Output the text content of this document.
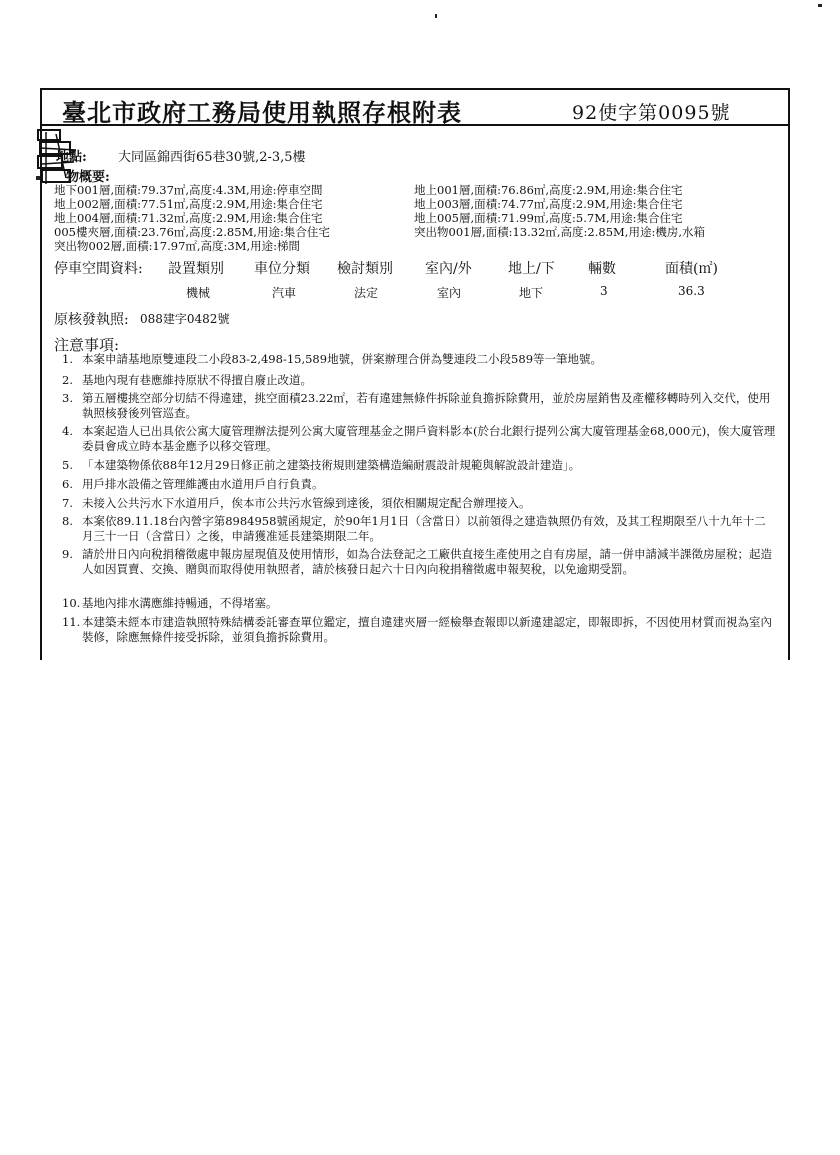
臺北市政府工務局使用執照存根附表	92使字第0095號
地點: 大同區錦西街65巷30號,2-3,5樓
物概要:
地下001層,面積:79.37㎡,高度:4.3M,用途:停車空間
地上002層,面積:77.51㎡,高度:2.9M,用途:集合住宅
地上004層,面積:71.32㎡,高度:2.9M,用途:集合住宅
005樓夾層,面積:23.76㎡,高度:2.85M,用途:集合住宅
突出物002層,面積:17.97㎡,高度:3M,用途:梯間
地上001層,面積:76.86㎡,高度:2.9M,用途:集合住宅
地上003層,面積:74.77㎡,高度:2.9M,用途:集合住宅
地上005層,面積:71.99㎡,高度:5.7M,用途:集合住宅
突出物001層,面積:13.32㎡,高度:2.85M,用途:機房,水箱
停車空間資料: 設置類別 車位分類 檢討類別 室內/外	地上/下 輛數	面積(㎡)
機械	汽車	法定	室內	地下	3	36.3
原核發執照: 088建字0482號
注意事項:
1. 本案申請基地原雙連段二小段83-2,498-15,589地號，併案辦理合併為雙連段二小段589等一筆地號。
2. 基地內現有巷應維持原狀不得擅自廢止改道。
3. 第五層樓挑空部分切結不得違建，挑空面積23.22㎡，若有違建無條件拆除並負擔拆除費用，並於房屋銷售及產權移轉時列入交代，使用執照核發後列管巡查。
4. 本案起造人已出具依公寓大廈管理辦法提列公寓大廈管理基金之開戶資料影本(於台北銀行提列公寓大廈管理基金68,000元)，俟大廈管理委員會成立時本基金應予以移交管理。
5. 「本建築物係依88年12月29日修正前之建築技術規則建築構造編耐震設計規範與解說設計建造」。
6. 用戶排水設備之管理維護由水道用戶自行負責。
7. 未接入公共污水下水道用戶，俟本市公共污水管線到達後，須依相關規定配合辦理接入。
8. 本案依89.11.18台內營字第8984958號函規定，於90年1月1日（含當日）以前領得之建造執照仍有效，及其工程期限至八十九年十二月三十一日（含當日）之後，申請獲准延長建築期限二年。
9. 請於卅日內向稅捐稽徵處申報房屋現值及使用情形，如為合法登記之工廠供直接生產使用之自有房屋，請一併申請減半課徵房屋稅；起造人如因買賣、交換、贈與而取得使用執照者，請於核發日起六十日內向稅捐稽徵處申報契稅，以免逾期受罰。
10. 基地內排水溝應維持暢通，不得堵塞。
11. 本建築未經本市建造執照特殊結構委託審查單位鑑定，擅自違建夾層一經檢舉查報即以新違建認定，即報即拆，不因使用材質而視為室內裝修，除應無條件接受拆除，並須負擔拆除費用。
